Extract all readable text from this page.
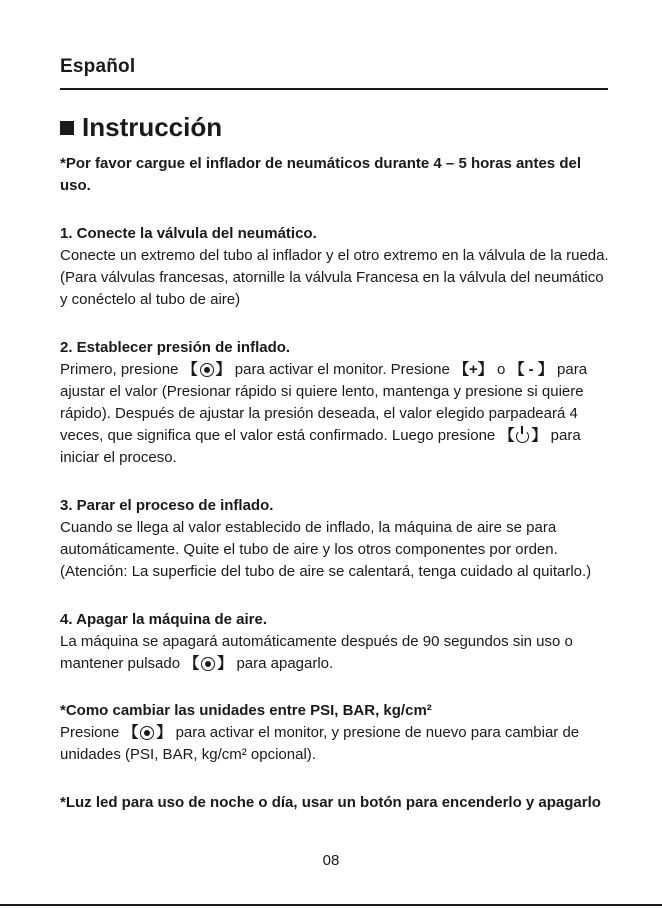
Español
Instrucción

*Por favor cargue el inflador de neumáticos durante 4 – 5 horas antes del uso.

1. Conecte la válvula del neumático.

Conecte un extremo del tubo al inflador y el otro extremo en la válvula de la rueda. (Para válvulas francesas, atornille la válvula Francesa en la válvula del neumático y conéctelo al tubo de aire)

2. Establecer presión de inflado.

Primero, presione 【 】 para activar el monitor. Presione 【+】 o 【 - 】 para ajustar el valor (Presionar rápido si quiere lento, mantenga y presione si quiere rápido). Después de ajustar la presión deseada, el valor elegido parpadeará 4 veces, que significa que el valor está confirmado. Luego presione 【 】 para iniciar el proceso.

3. Parar el proceso de inflado.

Cuando se llega al valor establecido de inflado, la máquina de aire se para automáticamente. Quite el tubo de aire y los otros componentes por orden. (Atención: La superficie del tubo de aire se calentará, tenga cuidado al quitarlo.)

4. Apagar la máquina de aire.

La máquina se apagará automáticamente después de 90 segundos sin uso o mantener pulsado 【 】 para apagarlo.

*Como cambiar las unidades entre PSI, BAR, kg/cm²

Presione 【 】 para activar el monitor, y presione de nuevo para cambiar de unidades (PSI, BAR, kg/cm² opcional).

*Luz led para uso de noche o día, usar un botón para encenderlo y apagarlo

08
